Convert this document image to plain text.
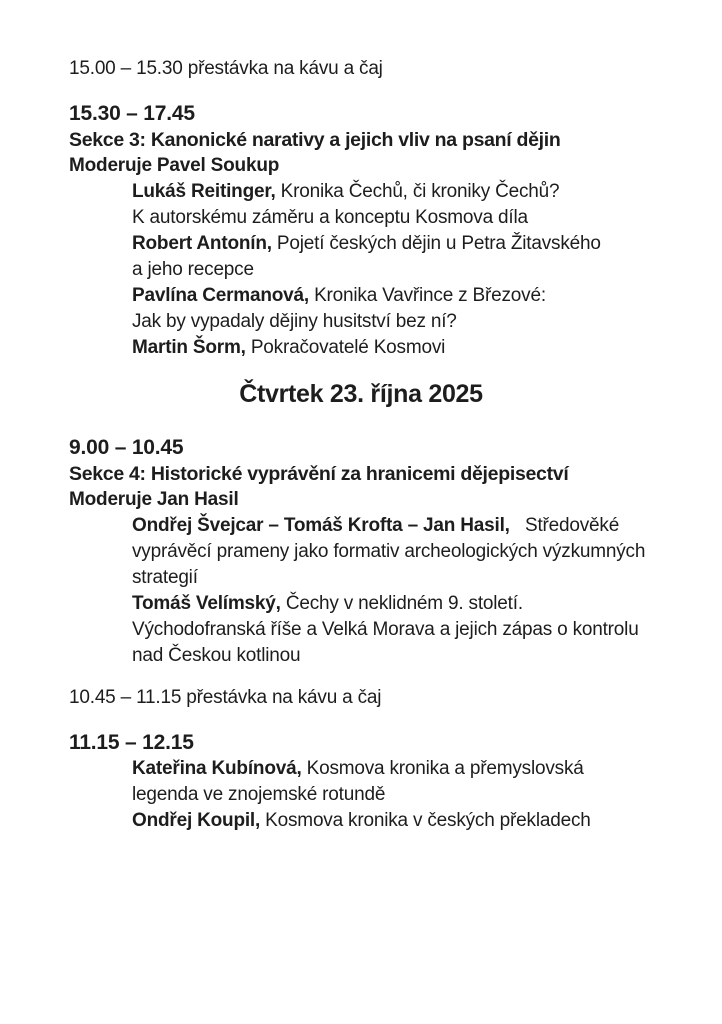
15.00 – 15.30 přestávka na kávu a čaj
15.30 – 17.45
Sekce 3: Kanonické narativy a jejich vliv na psaní dějin
Moderuje Pavel Soukup
Lukáš Reitinger, Kronika Čechů, či kroniky Čechů?
K autorskému záměru a konceptu Kosmova díla
Robert Antonín, Pojetí českých dějin u Petra Žitavského
a jeho recepce
Pavlína Cermanová, Kronika Vavřince z Březové:
Jak by vypadaly dějiny husitství bez ní?
Martin Šorm, Pokračovatelé Kosmovi
Čtvrtek 23. října 2025
9.00 – 10.45
Sekce 4: Historické vyprávění za hranicemi dějepisectví
Moderuje Jan Hasil
Ondřej Švejcar – Tomáš Krofta – Jan Hasil,   Středověké
vyprávěcí prameny jako formativ archeologických výzkumných
strategií
Tomáš Velímský, Čechy v neklidném 9. století.
Východofranská říše a Velká Morava a jejich zápas o kontrolu
nad Českou kotlinou
10.45 – 11.15 přestávka na kávu a čaj
11.15 – 12.15
Kateřina Kubínová, Kosmova kronika a přemyslovská
legenda ve znojemské rotundě
Ondřej Koupil, Kosmova kronika v českých překladech
